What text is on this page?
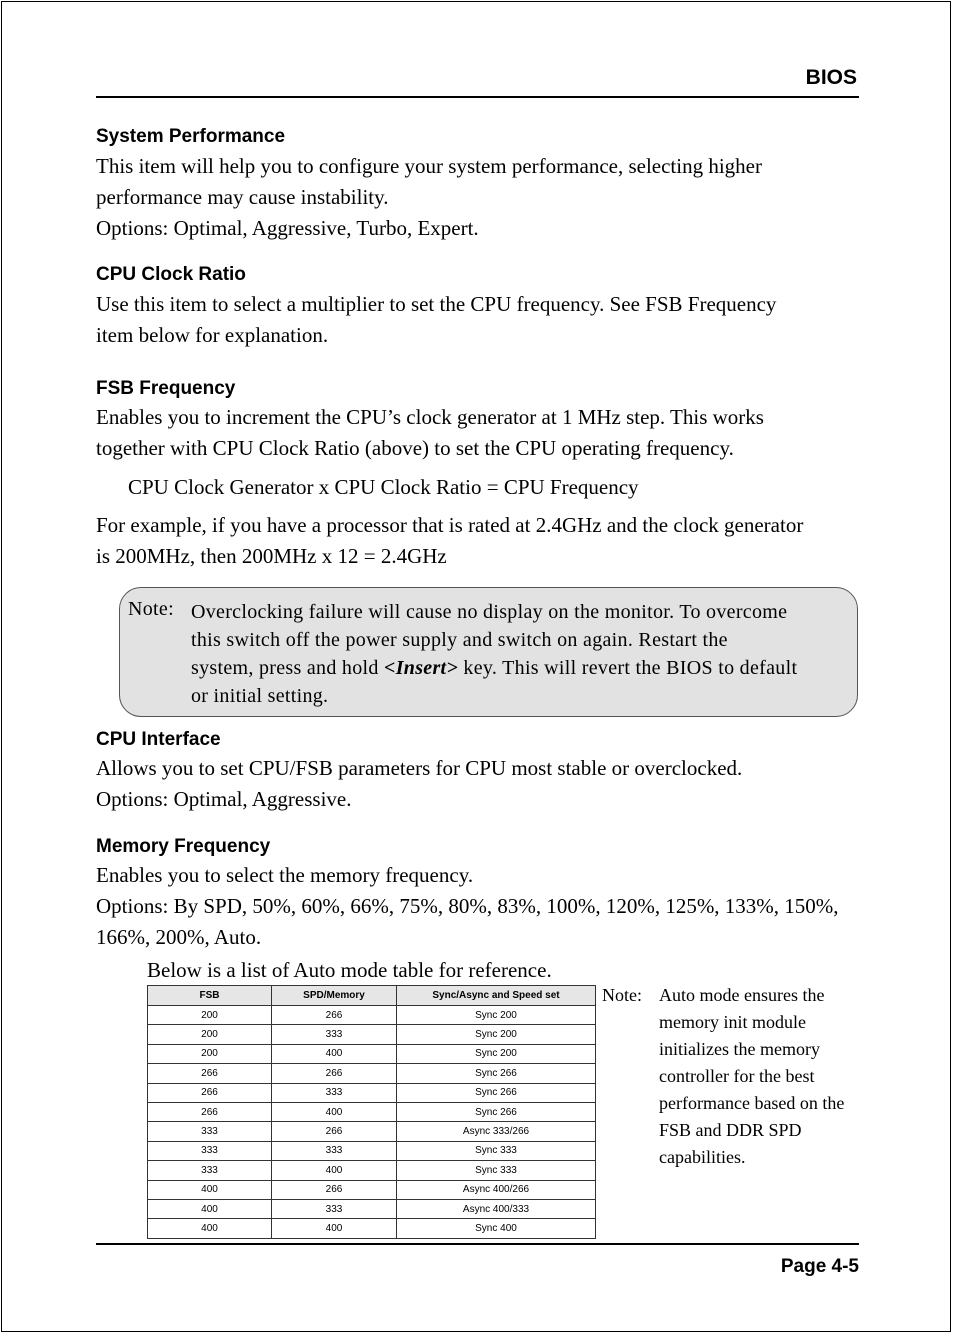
BIOS
System Performance
This item will help you to configure your system performance, selecting higher
performance may cause instability.
Options: Optimal, Aggressive, Turbo, Expert.
CPU Clock Ratio
Use this item to select a multiplier to set the CPU frequency. See FSB Frequency
item below for explanation.
FSB Frequency
Enables you to increment the CPU’s clock generator at 1 MHz step. This works
together with CPU Clock Ratio (above) to set the CPU operating frequency.
CPU Clock Generator x CPU Clock Ratio = CPU Frequency
For example, if you have a processor that is rated at 2.4GHz and the clock generator
is 200MHz, then 200MHz x 12 = 2.4GHz
Note: Overclocking failure will cause no display on the monitor. To overcome
this switch off the power supply and switch on again. Restart the
system, press and hold <Insert> key. This will revert the BIOS to default
or initial setting.
CPU Interface
Allows you to set CPU/FSB parameters for CPU most stable or overclocked.
Options: Optimal, Aggressive.
Memory Frequency
Enables you to select the memory frequency.
Options: By SPD, 50%, 60%, 66%, 75%, 80%, 83%, 100%, 120%, 125%, 133%, 150%,
166%, 200%, Auto.
Below is a list of Auto mode table for reference.
FSB	SPD/Memory	Sync/Async and Speed set
200	266	Sync 200
200	333	Sync 200
200	400	Sync 200
266	266	Sync 266
266	333	Sync 266
266	400	Sync 266
333	266	Async 333/266
333	333	Sync 333
333	400	Sync 333
400	266	Async 400/266
400	333	Async 400/333
400	400	Sync 400
Note: Auto mode ensures the
memory init module
initializes the memory
controller for the best
performance based on the
FSB and DDR SPD
capabilities.
Page 4-5
